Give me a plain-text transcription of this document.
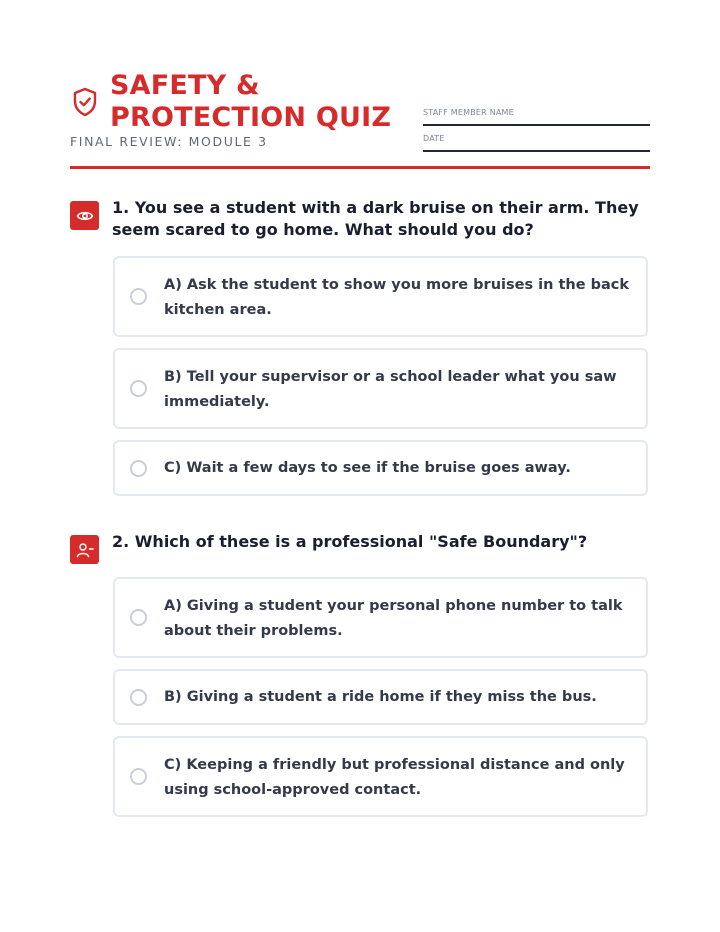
SAFETY & PROTECTION QUIZ
FINAL REVIEW: MODULE 3
STAFF MEMBER NAME
DATE
1. You see a student with a dark bruise on their arm. They seem scared to go home. What should you do?
A) Ask the student to show you more bruises in the back kitchen area.
B) Tell your supervisor or a school leader what you saw immediately.
C) Wait a few days to see if the bruise goes away.
2. Which of these is a professional "Safe Boundary"?
A) Giving a student your personal phone number to talk about their problems.
B) Giving a student a ride home if they miss the bus.
C) Keeping a friendly but professional distance and only using school-approved contact.
